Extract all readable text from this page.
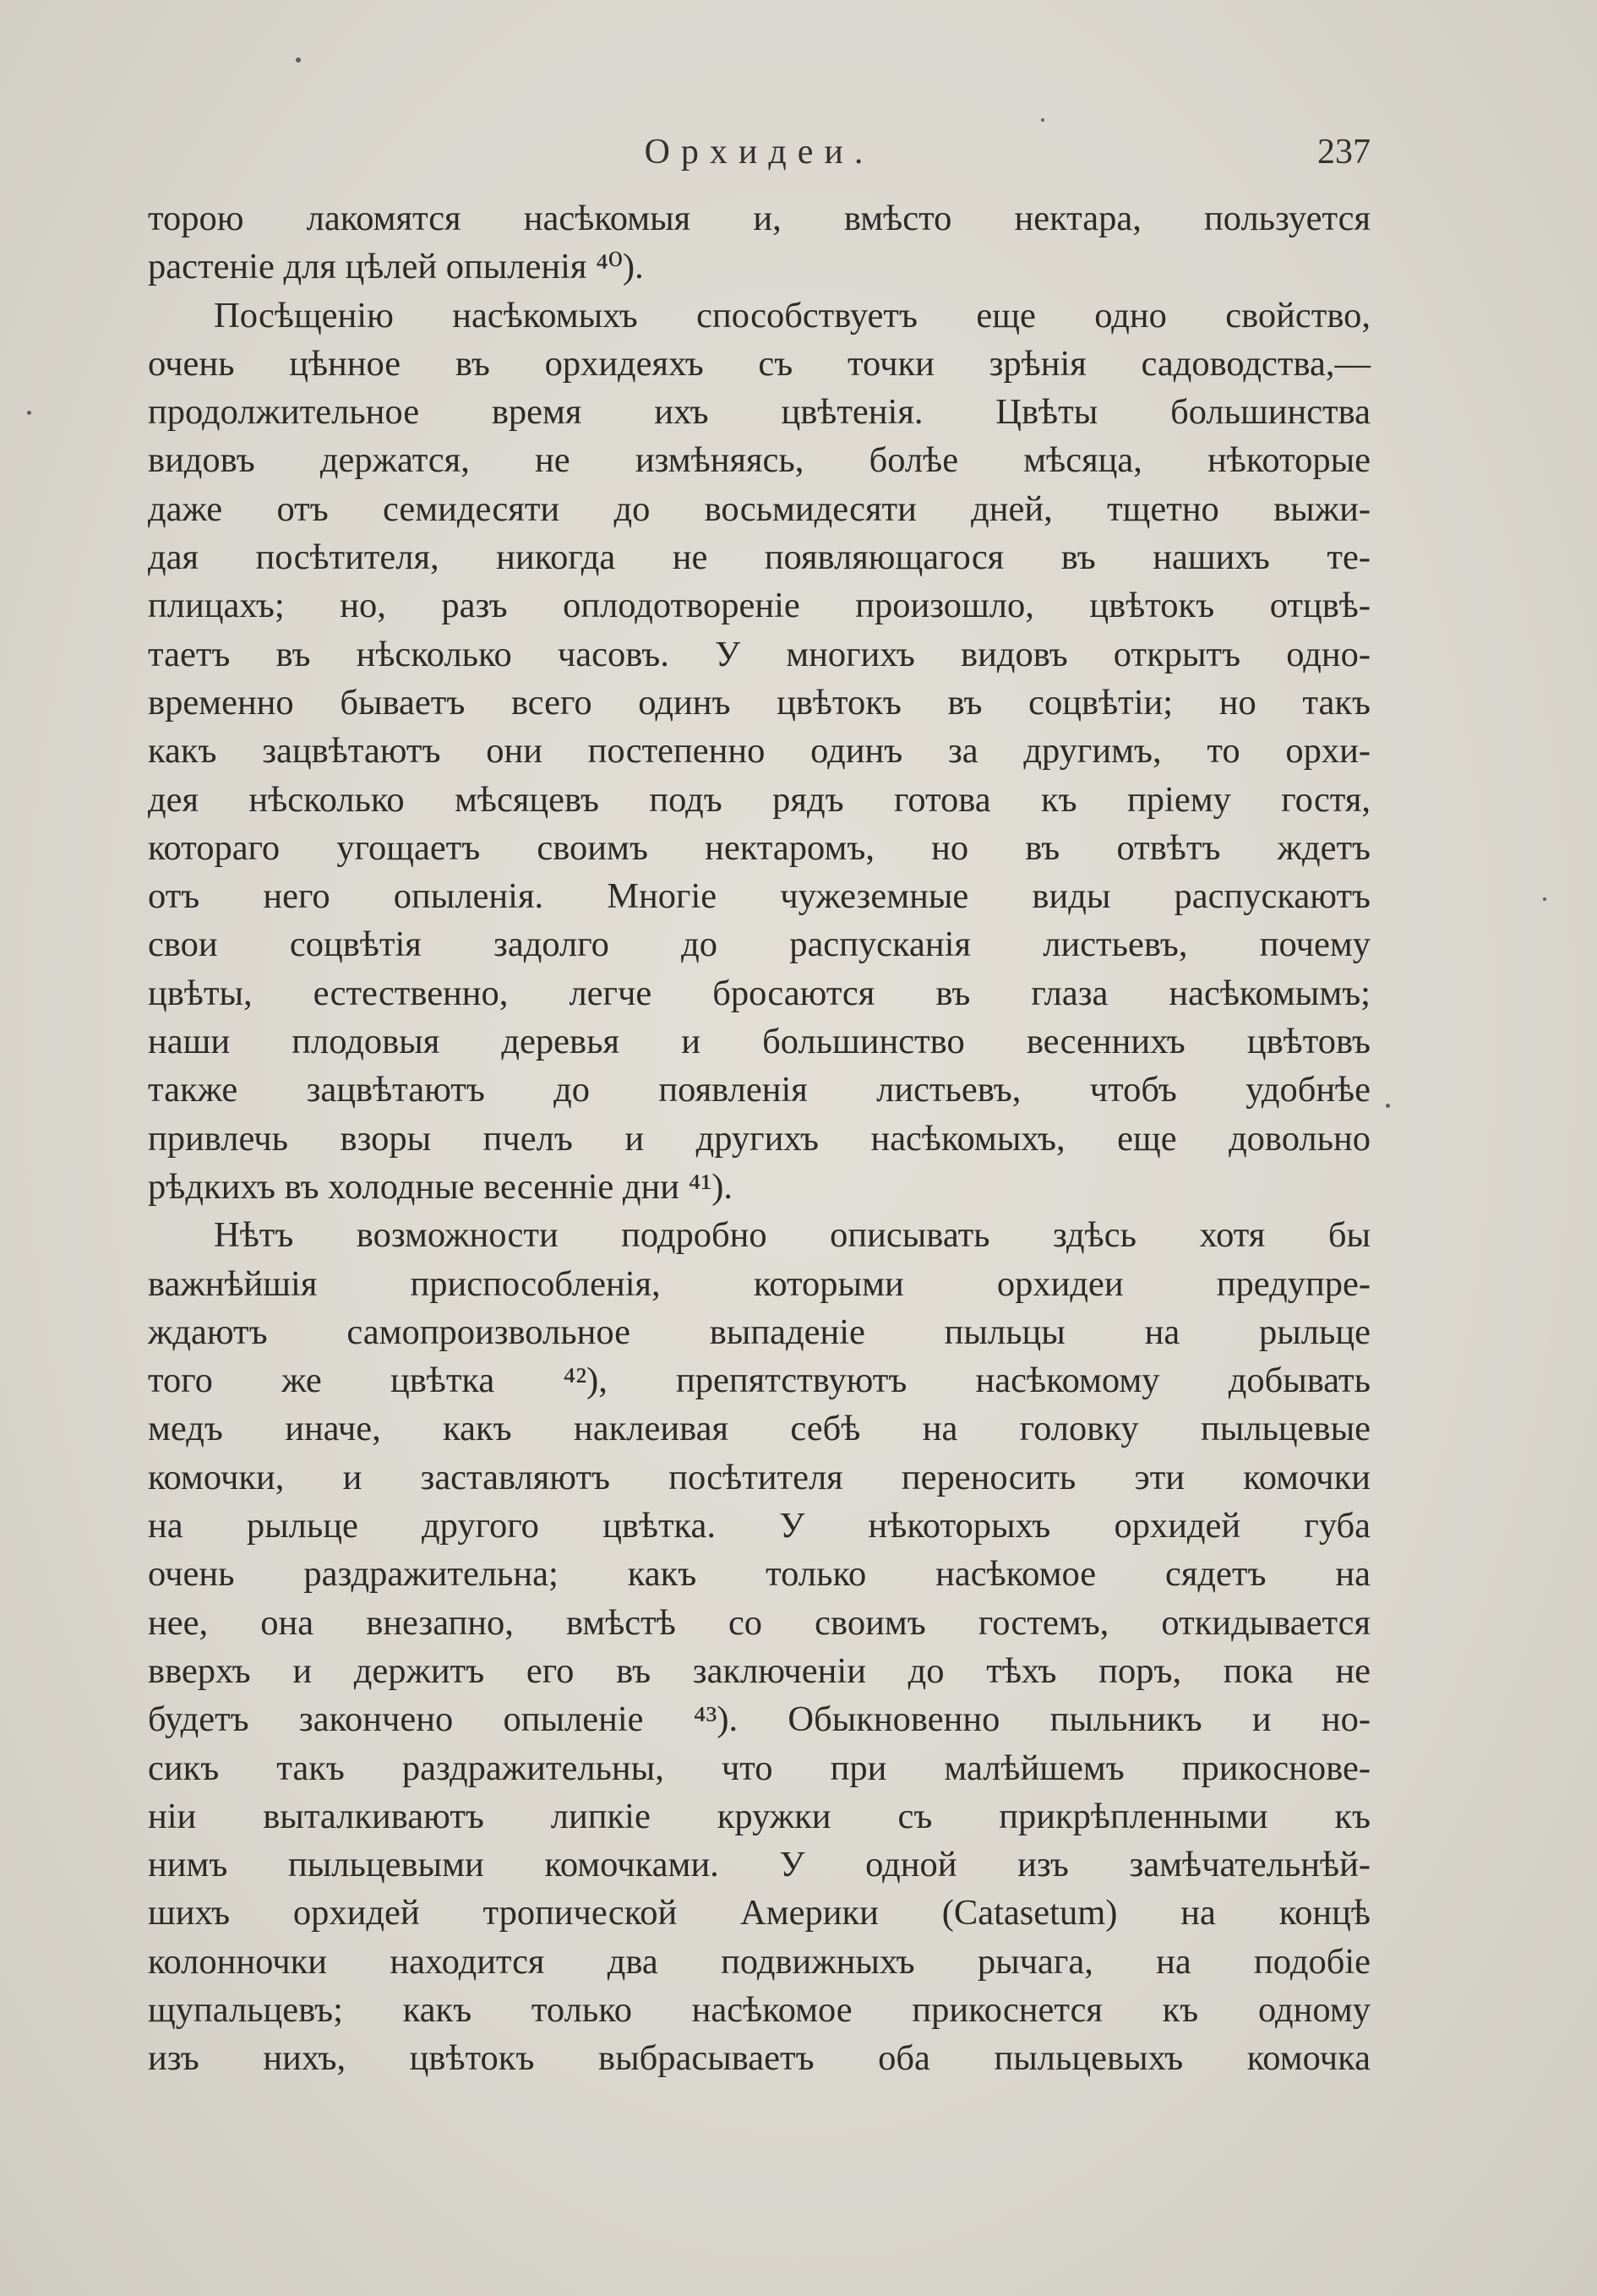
Орхидеи.	237

торою лакомятся насѣкомыя и, вмѣсто нектара, пользуется

растеніе для цѣлей опыленія ⁴⁰).

Посѣщенію насѣкомыхъ способствуетъ еще одно свойство,

очень цѣнное въ орхидеяхъ съ точки зрѣнія садоводства,—

продолжительное время ихъ цвѣтенія. Цвѣты большинства

видовъ держатся, не измѣняясь, болѣе мѣсяца, нѣкоторые

даже отъ семидесяти до восьмидесяти дней, тщетно выжи-

дая посѣтителя, никогда не появляющагося въ нашихъ те-

плицахъ; но, разъ оплодотвореніе произошло, цвѣтокъ отцвѣ-

таетъ въ нѣсколько часовъ. У многихъ видовъ открытъ одно-

временно бываетъ всего одинъ цвѣтокъ въ соцвѣтіи; но такъ

какъ зацвѣтаютъ они постепенно одинъ за другимъ, то орхи-

дея нѣсколько мѣсяцевъ подъ рядъ готова къ пріему гостя,

котораго угощаетъ своимъ нектаромъ, но въ отвѣтъ ждетъ

отъ него опыленія. Многіе чужеземные виды распускаютъ

свои соцвѣтія задолго до распусканія листьевъ, почему

цвѣты, естественно, легче бросаются въ глаза насѣкомымъ;

наши плодовыя деревья и большинство весеннихъ цвѣтовъ

также зацвѣтаютъ до появленія листьевъ, чтобъ удобнѣе

привлечь взоры пчелъ и другихъ насѣкомыхъ, еще довольно

рѣдкихъ въ холодные весенніе дни ⁴¹).

Нѣтъ возможности подробно описывать здѣсь хотя бы

важнѣйшія приспособленія, которыми орхидеи предупре-

ждаютъ самопроизвольное выпаденіе пыльцы на рыльце

того же цвѣтка ⁴²), препятствуютъ насѣкомому добывать

медъ иначе, какъ наклеивая себѣ на головку пыльцевые

комочки, и заставляютъ посѣтителя переносить эти комочки

на рыльце другого цвѣтка. У нѣкоторыхъ орхидей губа

очень раздражительна; какъ только насѣкомое сядетъ на

нее, она внезапно, вмѣстѣ со своимъ гостемъ, откидывается

вверхъ и держитъ его въ заключеніи до тѣхъ поръ, пока не

будетъ закончено опыленіе ⁴³). Обыкновенно пыльникъ и но-

сикъ такъ раздражительны, что при малѣйшемъ прикоснове-

ніи выталкиваютъ липкіе кружки съ прикрѣпленными къ

нимъ пыльцевыми комочками. У одной изъ замѣчательнѣй-

шихъ орхидей тропической Америки (Catasetum) на концѣ

колонночки находится два подвижныхъ рычага, на подобіе

щупальцевъ; какъ только насѣкомое прикоснется къ одному

изъ нихъ, цвѣтокъ выбрасываетъ оба пыльцевыхъ комочка
